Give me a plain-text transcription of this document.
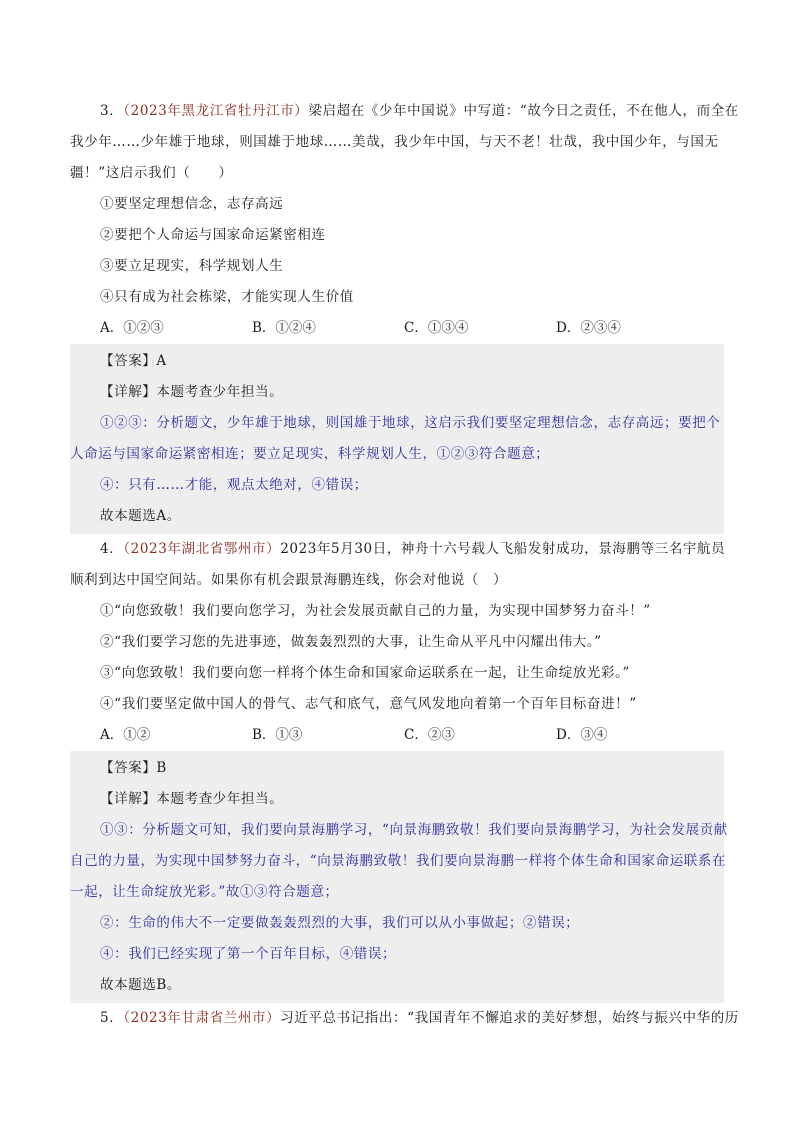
3．（2023年黑龙江省牡丹江市）梁启超在《少年中国说》中写道：“故今日之责任，不在他人，而全在
我少年……少年雄于地球，则国雄于地球……美哉，我少年中国，与天不老！壮哉，我中国少年，与国无
疆！”这启示我们（　　）
①要坚定理想信念，志存高远
②要把个人命运与国家命运紧密相连
③要立足现实，科学规划人生
④只有成为社会栋梁，才能实现人生价值
A．①②③	B．①②④	C．①③④	D．②③④
【答案】A
【详解】本题考查少年担当。
①②③：分析题文，少年雄于地球，则国雄于地球，这启示我们要坚定理想信念，志存高远；要把个
人命运与国家命运紧密相连；要立足现实，科学规划人生，①②③符合题意；
④：只有……才能，观点太绝对，④错误；
故本题选A。
4．（2023年湖北省鄂州市）2023年5月30日，神舟十六号载人飞船发射成功，景海鹏等三名宇航员
顺利到达中国空间站。如果你有机会跟景海鹏连线，你会对他说（　）
①“向您致敬！我们要向您学习，为社会发展贡献自己的力量，为实现中国梦努力奋斗！”
②“我们要学习您的先进事迹，做轰轰烈烈的大事，让生命从平凡中闪耀出伟大。”
③“向您致敬！我们要向您一样将个体生命和国家命运联系在一起，让生命绽放光彩。”
④“我们要坚定做中国人的骨气、志气和底气，意气风发地向着第一个百年目标奋进！”
A．①②	B．①③	C．②③	D．③④
【答案】B
【详解】本题考查少年担当。
①③：分析题文可知，我们要向景海鹏学习，“向景海鹏致敬！我们要向景海鹏学习，为社会发展贡献
自己的力量，为实现中国梦努力奋斗，“向景海鹏致敬！我们要向景海鹏一样将个体生命和国家命运联系在
一起，让生命绽放光彩。”故①③符合题意；
②：生命的伟大不一定要做轰轰烈烈的大事，我们可以从小事做起；②错误；
④：我们已经实现了第一个百年目标，④错误；
故本题选B。
5．（2023年甘肃省兰州市）习近平总书记指出：“我国青年不懈追求的美好梦想，始终与振兴中华的历
